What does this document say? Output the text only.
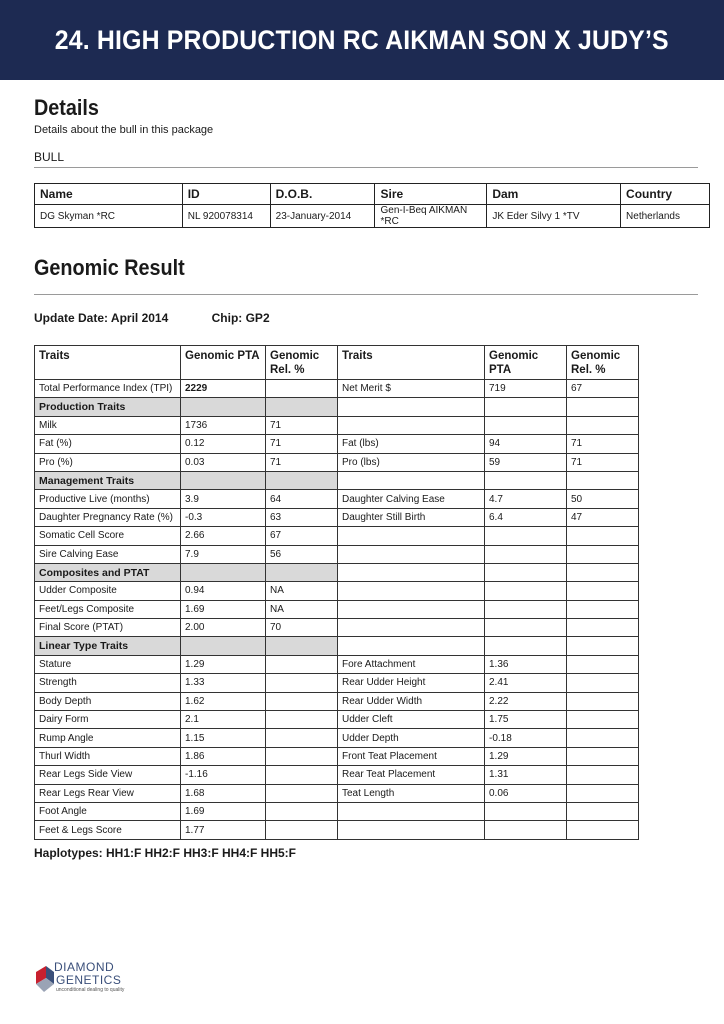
24. HIGH PRODUCTION RC AIKMAN SON X JUDY’S
Details
Details about the bull in this package
BULL
Name	ID	D.O.B.	Sire	Dam	Country
DG Skyman *RC	NL 920078314	23-January-2014	Gen-I-Beq AIKMAN *RC	JK Eder Silvy 1 *TV	Netherlands
Genomic Result
Update Date: April 2014	Chip: GP2
Traits	Genomic PTA	Genomic Rel. %	Traits	Genomic PTA	Genomic Rel. %
Total Performance Index (TPI)	2229		Net Merit $	719	67
Production Traits					
Milk	1736	71			
Fat (%)	0.12	71	Fat (lbs)	94	71
Pro (%)	0.03	71	Pro (lbs)	59	71
Management Traits					
Productive Live (months)	3.9	64	Daughter Calving Ease	4.7	50
Daughter Pregnancy Rate (%)	-0.3	63	Daughter Still Birth	6.4	47
Somatic Cell Score	2.66	67			
Sire Calving Ease	7.9	56			
Composites and PTAT					
Udder Composite	0.94	NA			
Feet/Legs Composite	1.69	NA			
Final Score (PTAT)	2.00	70			
Linear Type Traits					
Stature	1.29		Fore Attachment	1.36	
Strength	1.33		Rear Udder Height	2.41	
Body Depth	1.62		Rear Udder Width	2.22	
Dairy Form	2.1		Udder Cleft	1.75	
Rump Angle	1.15		Udder Depth	-0.18	
Thurl Width	1.86		Front Teat Placement	1.29	
Rear Legs Side View	-1.16		Rear Teat Placement	1.31	
Rear Legs Rear View	1.68		Teat Length	0.06	
Foot Angle	1.69				
Feet & Legs Score	1.77				
Haplotypes: HH1:F HH2:F HH3:F HH4:F HH5:F
DIAMOND
GENETICS
unconditional dealing to quality
